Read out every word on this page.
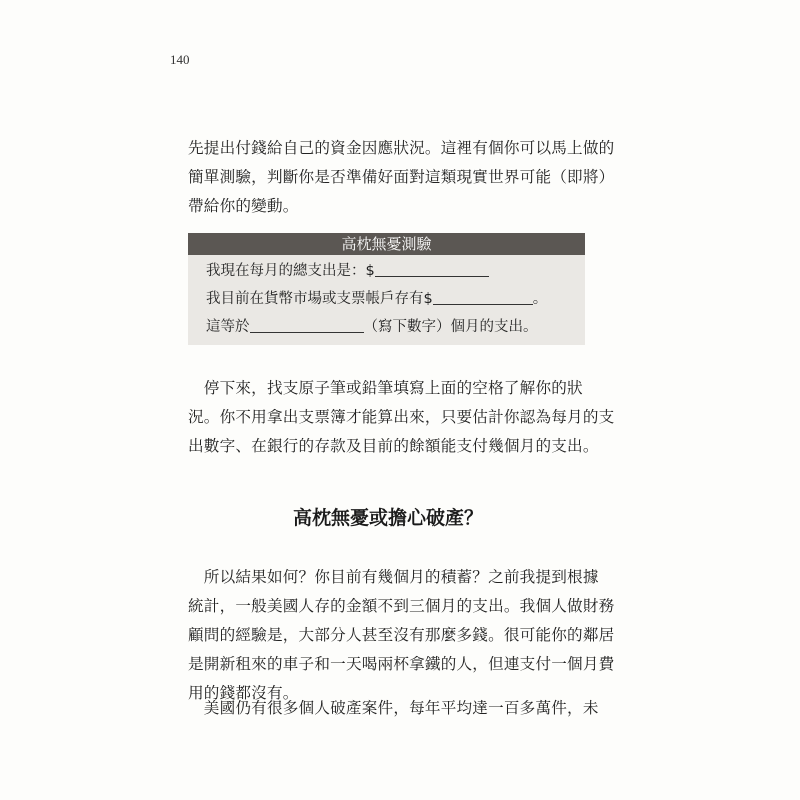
140

先提出付錢給自己的資金因應狀況。這裡有個你可以馬上做的
簡單測驗，判斷你是否準備好面對這類現實世界可能（即將）
帶給你的變動。

高枕無憂測驗
我現在每月的總支出是：$
我目前在貨幣市場或支票帳戶存有$	。
這等於	（寫下數字）個月的支出。

　停下來，找支原子筆或鉛筆填寫上面的空格了解你的狀
況。你不用拿出支票簿才能算出來，只要估計你認為每月的支
出數字、在銀行的存款及目前的餘額能支付幾個月的支出。

高枕無憂或擔心破產？

　所以結果如何？你目前有幾個月的積蓄？之前我提到根據
統計，一般美國人存的金額不到三個月的支出。我個人做財務
顧問的經驗是，大部分人甚至沒有那麼多錢。很可能你的鄰居
是開新租來的車子和一天喝兩杯拿鐵的人，但連支付一個月費
用的錢都沒有。

　美國仍有很多個人破產案件，每年平均達一百多萬件，未
